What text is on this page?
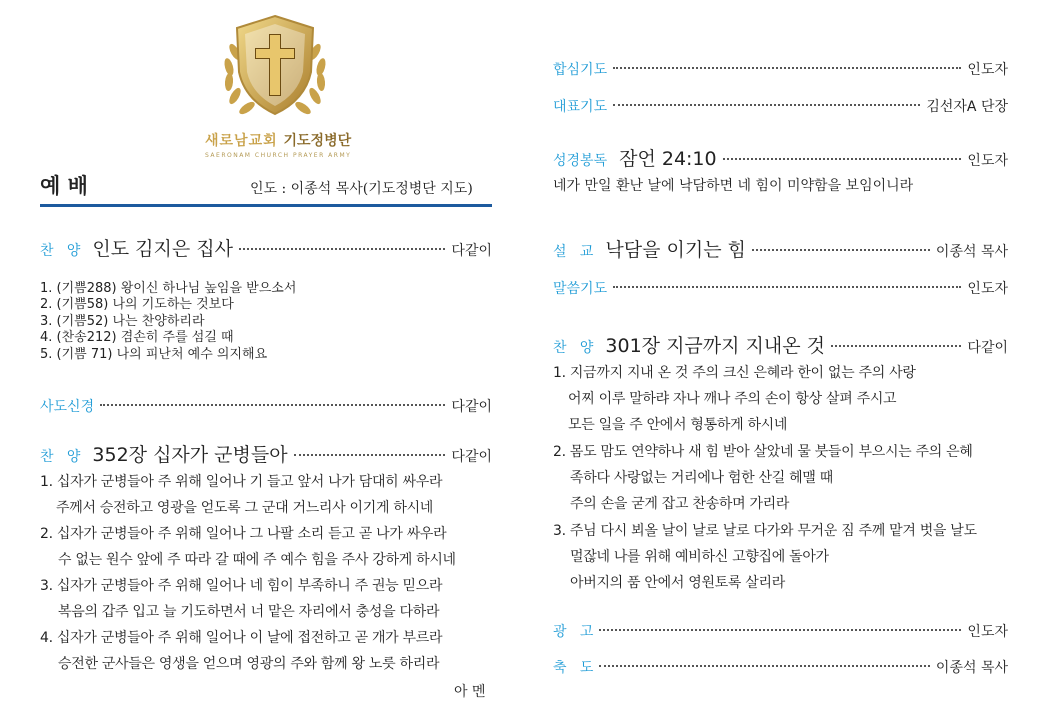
새로남교회 기도정병단
SAERONAM CHURCH PRAYER ARMY
예 배	인도 : 이종석 목사(기도정병단 지도)
찬   양 인도 김지은 집사	다같이
1. (기쁨288) 왕이신 하나님 높임을 받으소서
2. (기쁨58) 나의 기도하는 것보다
3. (기쁨52) 나는 찬양하리라
4. (찬송212) 겸손히 주를 섬길 때
5. (기쁨 71) 나의 피난처 예수 의지해요
사도신경	다같이
찬   양 352장 십자가 군병들아	다같이
1. 십자가 군병들아 주 위해 일어나 기 들고 앞서 나가 담대히 싸우라
주께서 승전하고 영광을 얻도록 그 군대 거느리사 이기게 하시네
2. 십자가 군병들아 주 위해 일어나 그 나팔 소리 듣고 곧 나가 싸우라
수 없는 원수 앞에 주 따라 갈 때에 주 예수 힘을 주사 강하게 하시네
3. 십자가 군병들아 주 위해 일어나 네 힘이 부족하니 주 권능 믿으라
복음의 갑주 입고 늘 기도하면서 너 맡은 자리에서 충성을 다하라
4. 십자가 군병들아 주 위해 일어나 이 날에 접전하고 곧 개가 부르라
승전한 군사들은 영생을 얻으며 영광의 주와 함께 왕 노릇 하리라
아 멘
합심기도	인도자
대표기도	김선자A 단장
성경봉독 잠언 24:10	인도자
네가 만일 환난 날에 낙담하면 네 힘이 미약함을 보임이니라
설   교 낙담을 이기는 힘	이종석 목사
말씀기도	인도자
찬   양 301장 지금까지 지내온 것	다같이
1. 지금까지 지내 온 것 주의 크신 은혜라 한이 없는 주의 사랑
어찌 이루 말하랴 자나 깨나 주의 손이 항상 살펴 주시고
모든 일을 주 안에서 형통하게 하시네
2. 몸도 맘도 연약하나 새 힘 받아 살았네 물 붓들이 부으시는 주의 은혜
족하다 사랑없는 거리에나 험한 산길 헤맬 때
주의 손을 굳게 잡고 찬송하며 가리라
3. 주님 다시 뵈올 날이 날로 날로 다가와 무거운 짐 주께 맡겨 벗을 날도
멀잖네 나를 위해 예비하신 고향집에 돌아가
아버지의 품 안에서 영원토록 살리라
광   고	인도자
축   도	이종석 목사
